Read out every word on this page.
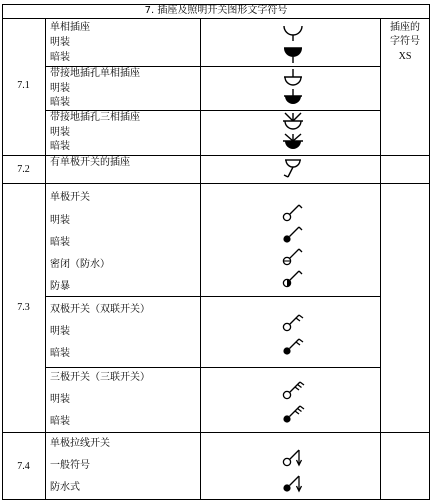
7. 插座及照明开关图形文字符号
插座的
字符号
XS
7.1
7.2
7.3
7.4
单相插座
明装
暗装
带接地插孔单相插座
明装
暗装
带接地插孔三相插座
明装
暗装
有单极开关的插座
单极开关
明装
暗装
密闭（防水）
防暴
双极开关（双联开关）
明装
暗装
三极开关（三联开关）
明装
暗装
单极拉线开关
一般符号
防水式
